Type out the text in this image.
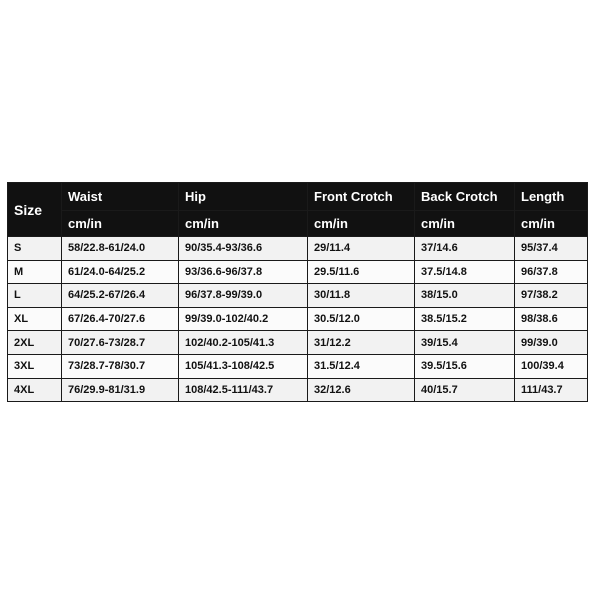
Size	Waist	Hip	Front Crotch	Back Crotch	Length
	cm/in	cm/in	cm/in	cm/in	cm/in
S	58/22.8-61/24.0	90/35.4-93/36.6	29/11.4	37/14.6	95/37.4
M	61/24.0-64/25.2	93/36.6-96/37.8	29.5/11.6	37.5/14.8	96/37.8
L	64/25.2-67/26.4	96/37.8-99/39.0	30/11.8	38/15.0	97/38.2
XL	67/26.4-70/27.6	99/39.0-102/40.2	30.5/12.0	38.5/15.2	98/38.6
2XL	70/27.6-73/28.7	102/40.2-105/41.3	31/12.2	39/15.4	99/39.0
3XL	73/28.7-78/30.7	105/41.3-108/42.5	31.5/12.4	39.5/15.6	100/39.4
4XL	76/29.9-81/31.9	108/42.5-111/43.7	32/12.6	40/15.7	111/43.7
